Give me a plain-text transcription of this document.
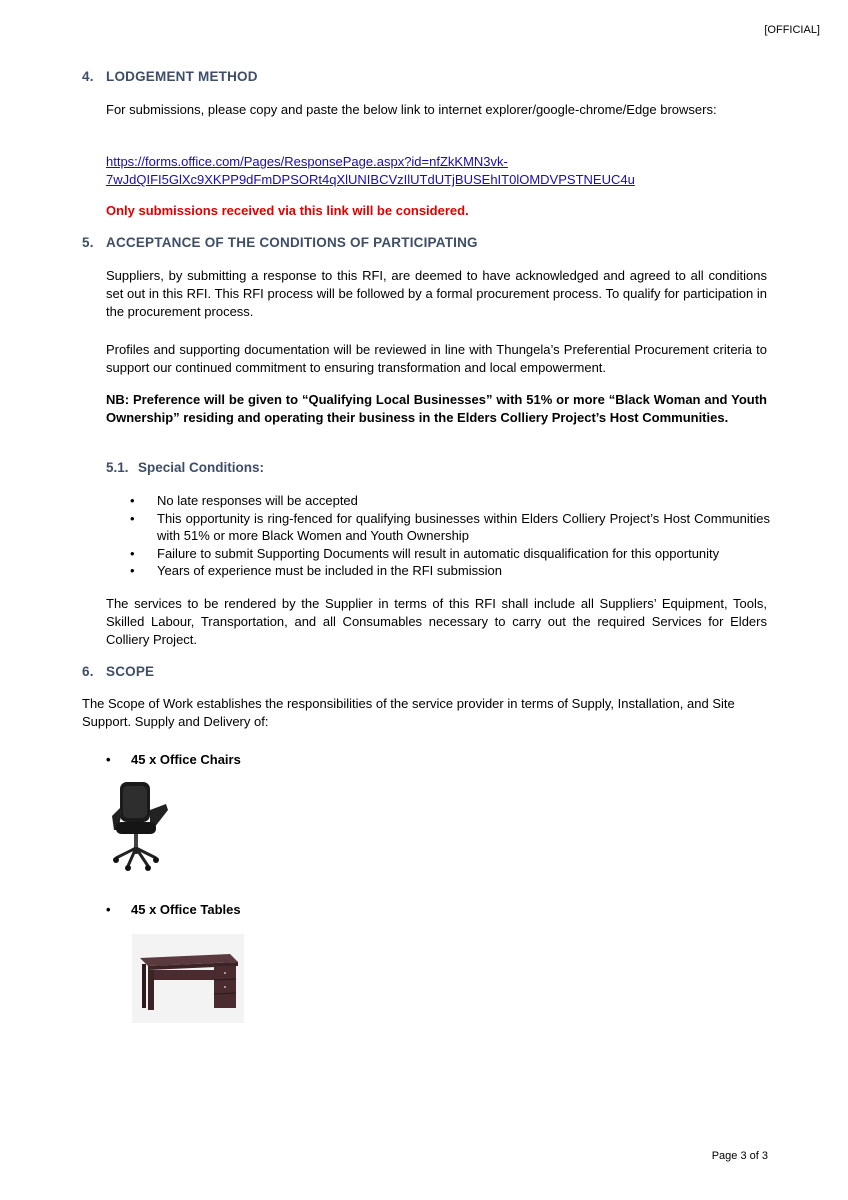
[OFFICIAL]
4. LODGEMENT METHOD
For submissions, please copy and paste the below link to internet explorer/google-chrome/Edge browsers:
https://forms.office.com/Pages/ResponsePage.aspx?id=nfZkKMN3vk-
7wJdQIFI5GlXc9XKPP9dFmDPSORt4qXlUNIBCVzIlUTdUTjBUSEhIT0lOMDVPSTNEUC4u
Only submissions received via this link will be considered.
5. ACCEPTANCE OF THE CONDITIONS OF PARTICIPATING
Suppliers, by submitting a response to this RFI, are deemed to have acknowledged and agreed to all conditions set out in this RFI. This RFI process will be followed by a formal procurement process. To qualify for participation in the procurement process.
Profiles and supporting documentation will be reviewed in line with Thungela’s Preferential Procurement criteria to support our continued commitment to ensuring transformation and local empowerment.
NB: Preference will be given to “Qualifying Local Businesses” with 51% or more “Black Woman and Youth Ownership” residing and operating their business in the Elders Colliery Project’s Host Communities.
5.1. Special Conditions:
• No late responses will be accepted
• This opportunity is ring-fenced for qualifying businesses within Elders Colliery Project’s Host Communities with 51% or more Black Women and Youth Ownership
• Failure to submit Supporting Documents will result in automatic disqualification for this opportunity
• Years of experience must be included in the RFI submission
The services to be rendered by the Supplier in terms of this RFI shall include all Suppliers’ Equipment, Tools, Skilled Labour, Transportation, and all Consumables necessary to carry out the required Services for Elders Colliery Project.
6. SCOPE
The Scope of Work establishes the responsibilities of the service provider in terms of Supply, Installation, and Site Support. Supply and Delivery of:
• 45 x Office Chairs
• 45 x Office Tables
Page 3 of 3
